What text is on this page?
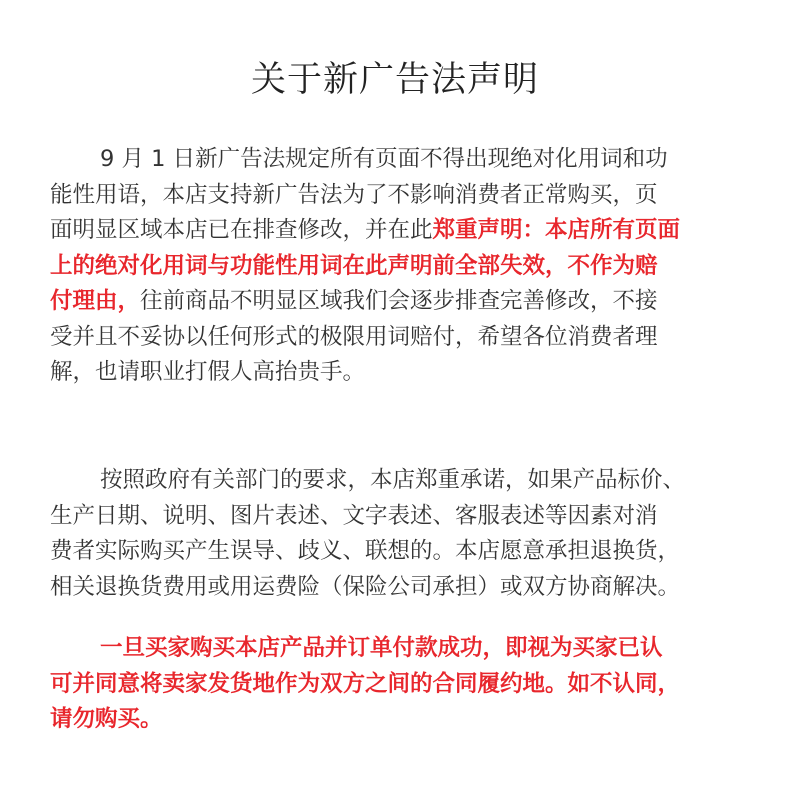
关于新广告法声明
9 月 1 日新广告法规定所有页面不得出现绝对化用词和功
能性用语，本店支持新广告法为了不影响消费者正常购买，页
面明显区域本店已在排查修改，并在此郑重声明：本店所有页面
上的绝对化用词与功能性用词在此声明前全部失效，不作为赔
付理由，往前商品不明显区域我们会逐步排查完善修改，不接
受并且不妥协以任何形式的极限用词赔付，希望各位消费者理
解，也请职业打假人高抬贵手。
按照政府有关部门的要求，本店郑重承诺，如果产品标价、
生产日期、说明、图片表述、文字表述、客服表述等因素对消
费者实际购买产生误导、歧义、联想的。本店愿意承担退换货，
相关退换货费用或用运费险（保险公司承担）或双方协商解决。
一旦买家购买本店产品并订单付款成功，即视为买家已认
可并同意将卖家发货地作为双方之间的合同履约地。如不认同，
请勿购买。
